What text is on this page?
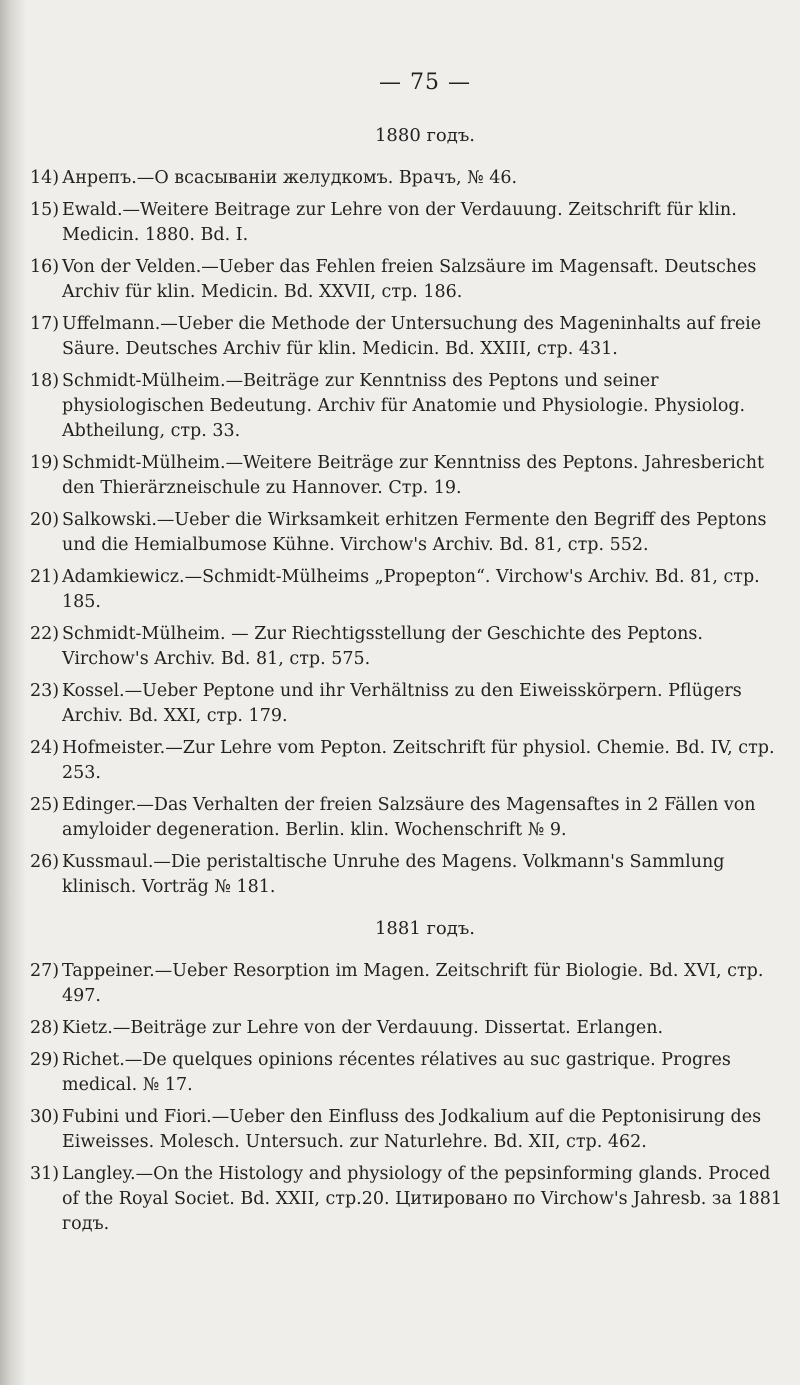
— 75 —
1880 годъ.
14) Анрепъ.—О всасываніи желудкомъ. Врачъ, № 46.
15) Ewald.—Weitere Beitrage zur Lehre von der Verdauung. Zeitschrift für klin. Medicin. 1880. Bd. I.
16) Von der Velden.—Ueber das Fehlen freien Salzsäure im Magensaft. Deutsches Archiv für klin. Medicin. Bd. XXVII, стр. 186.
17) Uffelmann.—Ueber die Methode der Untersuchung des Mageninhalts auf freie Säure. Deutsches Archiv für klin. Medicin. Bd. XXIII, стр. 431.
18) Schmidt-Mülheim.—Beiträge zur Kenntniss des Peptons und seiner physiologischen Bedeutung. Archiv für Anatomie und Physiologie. Physiolog. Abtheilung, стр. 33.
19) Schmidt-Mülheim.—Weitere Beiträge zur Kenntniss des Peptons. Jahresbericht den Thierärzneischule zu Hannover. Стр. 19.
20) Salkowski.—Ueber die Wirksamkeit erhitzen Fermente den Begriff des Peptons und die Hemialbumose Kühne. Virchow's Archiv. Bd. 81, стр. 552.
21) Adamkiewicz.—Schmidt-Mülheims „Propepton“. Virchow's Archiv. Bd. 81, стр. 185.
22) Schmidt-Mülheim. — Zur Riechtigsstellung der Geschichte des Peptons. Virchow's Archiv. Bd. 81, стр. 575.
23) Kossel.—Ueber Peptone und ihr Verhältniss zu den Eiweisskörpern. Pflügers Archiv. Bd. XXI, стр. 179.
24) Hofmeister.—Zur Lehre vom Pepton. Zeitschrift für physiol. Chemie. Bd. IV, стр. 253.
25) Edinger.—Das Verhalten der freien Salzsäure des Magensaftes in 2 Fällen von amyloider degeneration. Berlin. klin. Wochenschrift № 9.
26) Kussmaul.—Die peristaltische Unruhe des Magens. Volkmann's Sammlung klinisch. Vorträg № 181.
1881 годъ.
27) Tappeiner.—Ueber Resorption im Magen. Zeitschrift für Biologie. Bd. XVI, стр. 497.
28) Kietz.—Beiträge zur Lehre von der Verdauung. Dissertat. Erlangen.
29) Richet.—De quelques opinions récentes rélatives au suc gastrique. Progres medical. № 17.
30) Fubini und Fiori.—Ueber den Einfluss des Jodkalium auf die Peptonisirung des Eiweisses. Molesch. Untersuch. zur Naturlehre. Bd. XII, стр. 462.
31) Langley.—On the Histology and physiology of the pepsinforming glands. Proced of the Royal Societ. Bd. XXII, стр.20. Цитировано по Virchow's Jahresb. за 1881 годъ.
